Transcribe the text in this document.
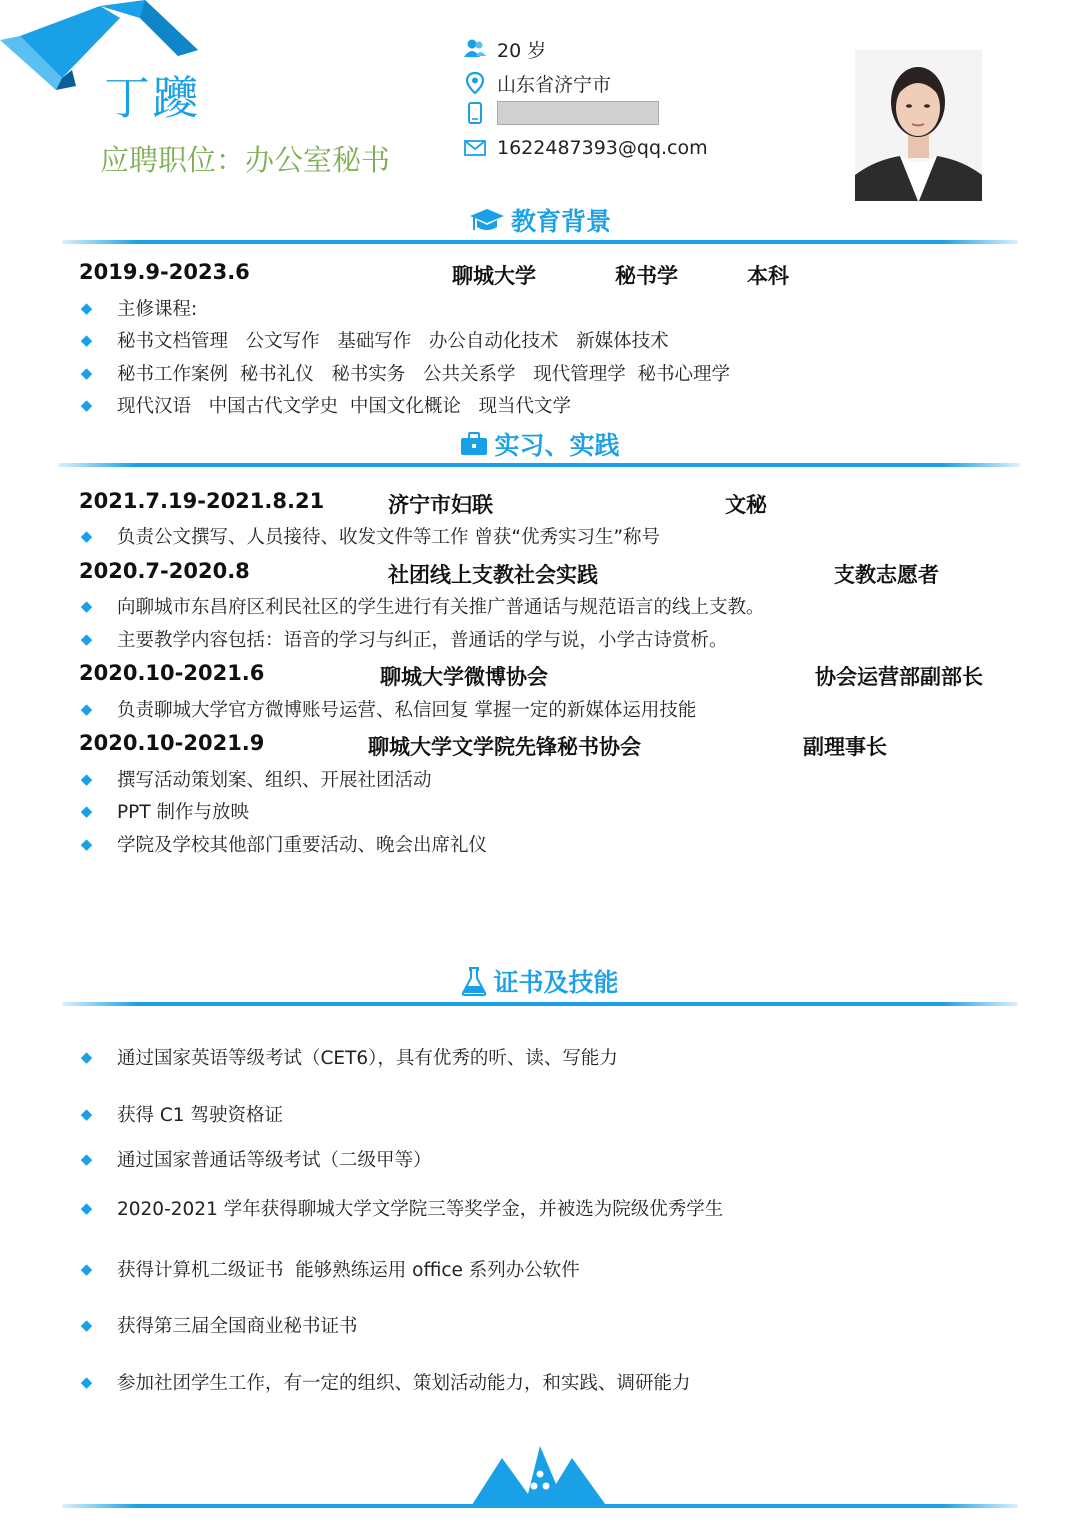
丁躨
应聘职位：办公室秘书
20 岁
山东省济宁市
1622487393@qq.com
教育背景
2019.9-2023.6	聊城大学	秘书学	本科
◆ 主修课程:
◆ 秘书文档管理   公文写作   基础写作   办公自动化技术   新媒体技术
◆ 秘书工作案例  秘书礼仪   秘书实务   公共关系学   现代管理学  秘书心理学
◆ 现代汉语   中国古代文学史  中国文化概论   现当代文学
实习、实践
2021.7.19-2021.8.21	济宁市妇联	文秘
◆ 负责公文撰写、人员接待、收发文件等工作 曾获“优秀实习生”称号
2020.7-2020.8	社团线上支教社会实践	支教志愿者
◆ 向聊城市东昌府区利民社区的学生进行有关推广普通话与规范语言的线上支教。
◆ 主要教学内容包括：语音的学习与纠正，普通话的学与说，小学古诗赏析。
2020.10-2021.6	聊城大学微博协会	协会运营部副部长
◆ 负责聊城大学官方微博账号运营、私信回复 掌握一定的新媒体运用技能
2020.10-2021.9	聊城大学文学院先锋秘书协会	副理事长
◆ 撰写活动策划案、组织、开展社团活动
◆ PPT 制作与放映
◆ 学院及学校其他部门重要活动、晚会出席礼仪
证书及技能
◆ 通过国家英语等级考试（CET6），具有优秀的听、读、写能力
◆ 获得 C1 驾驶资格证
◆ 通过国家普通话等级考试（二级甲等）
◆ 2020-2021 学年获得聊城大学文学院三等奖学金，并被选为院级优秀学生
◆ 获得计算机二级证书  能够熟练运用 office 系列办公软件
◆ 获得第三届全国商业秘书证书
◆ 参加社团学生工作，有一定的组织、策划活动能力，和实践、调研能力
